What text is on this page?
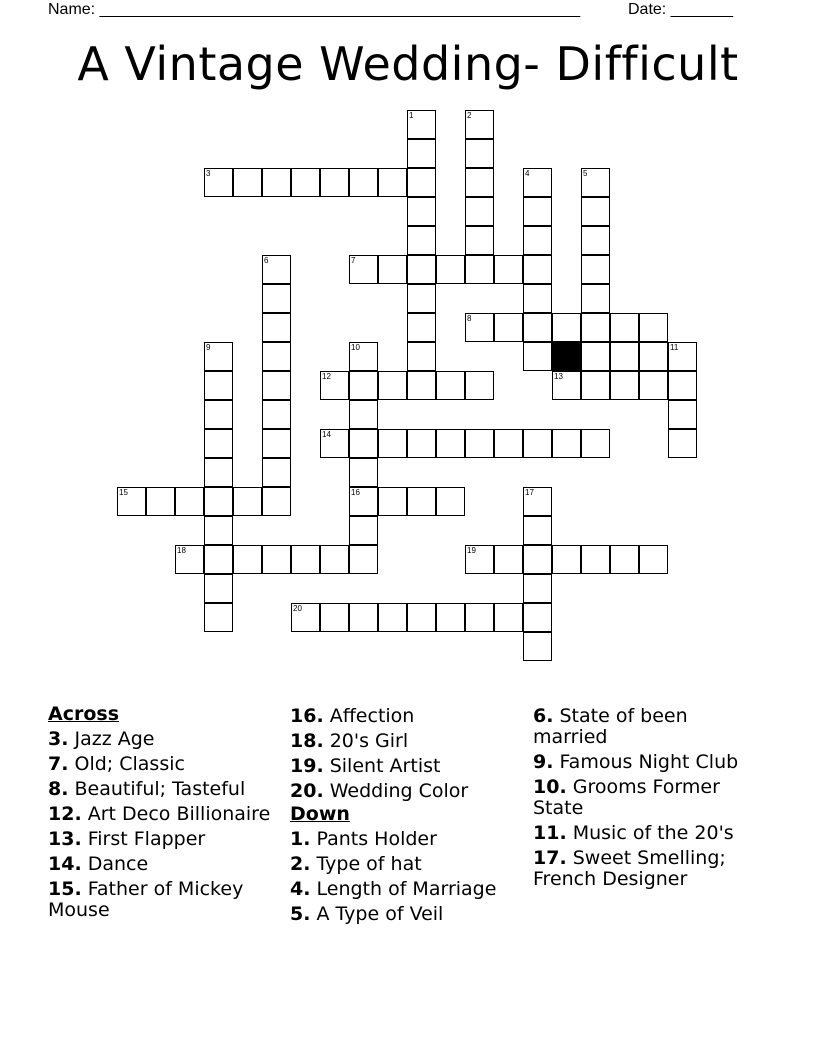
Name: ______________________________________________________

	Date: _______

A Vintage Wedding- Difficult
1	2
3	4	5
6	7
8
9	10	11
12	13
14
15	16	17
18	19
20
Across
3. Jazz Age
7. Old; Classic
8. Beautiful; Tasteful
12. Art Deco Billionaire
13. First Flapper
14. Dance
15. Father of Mickey Mouse
16. Affection
18. 20's Girl
19. Silent Artist
20. Wedding Color
Down
1. Pants Holder
2. Type of hat
4. Length of Marriage
5. A Type of Veil
6. State of been married
9. Famous Night Club
10. Grooms Former State
11. Music of the 20's
17. Sweet Smelling; French Designer
